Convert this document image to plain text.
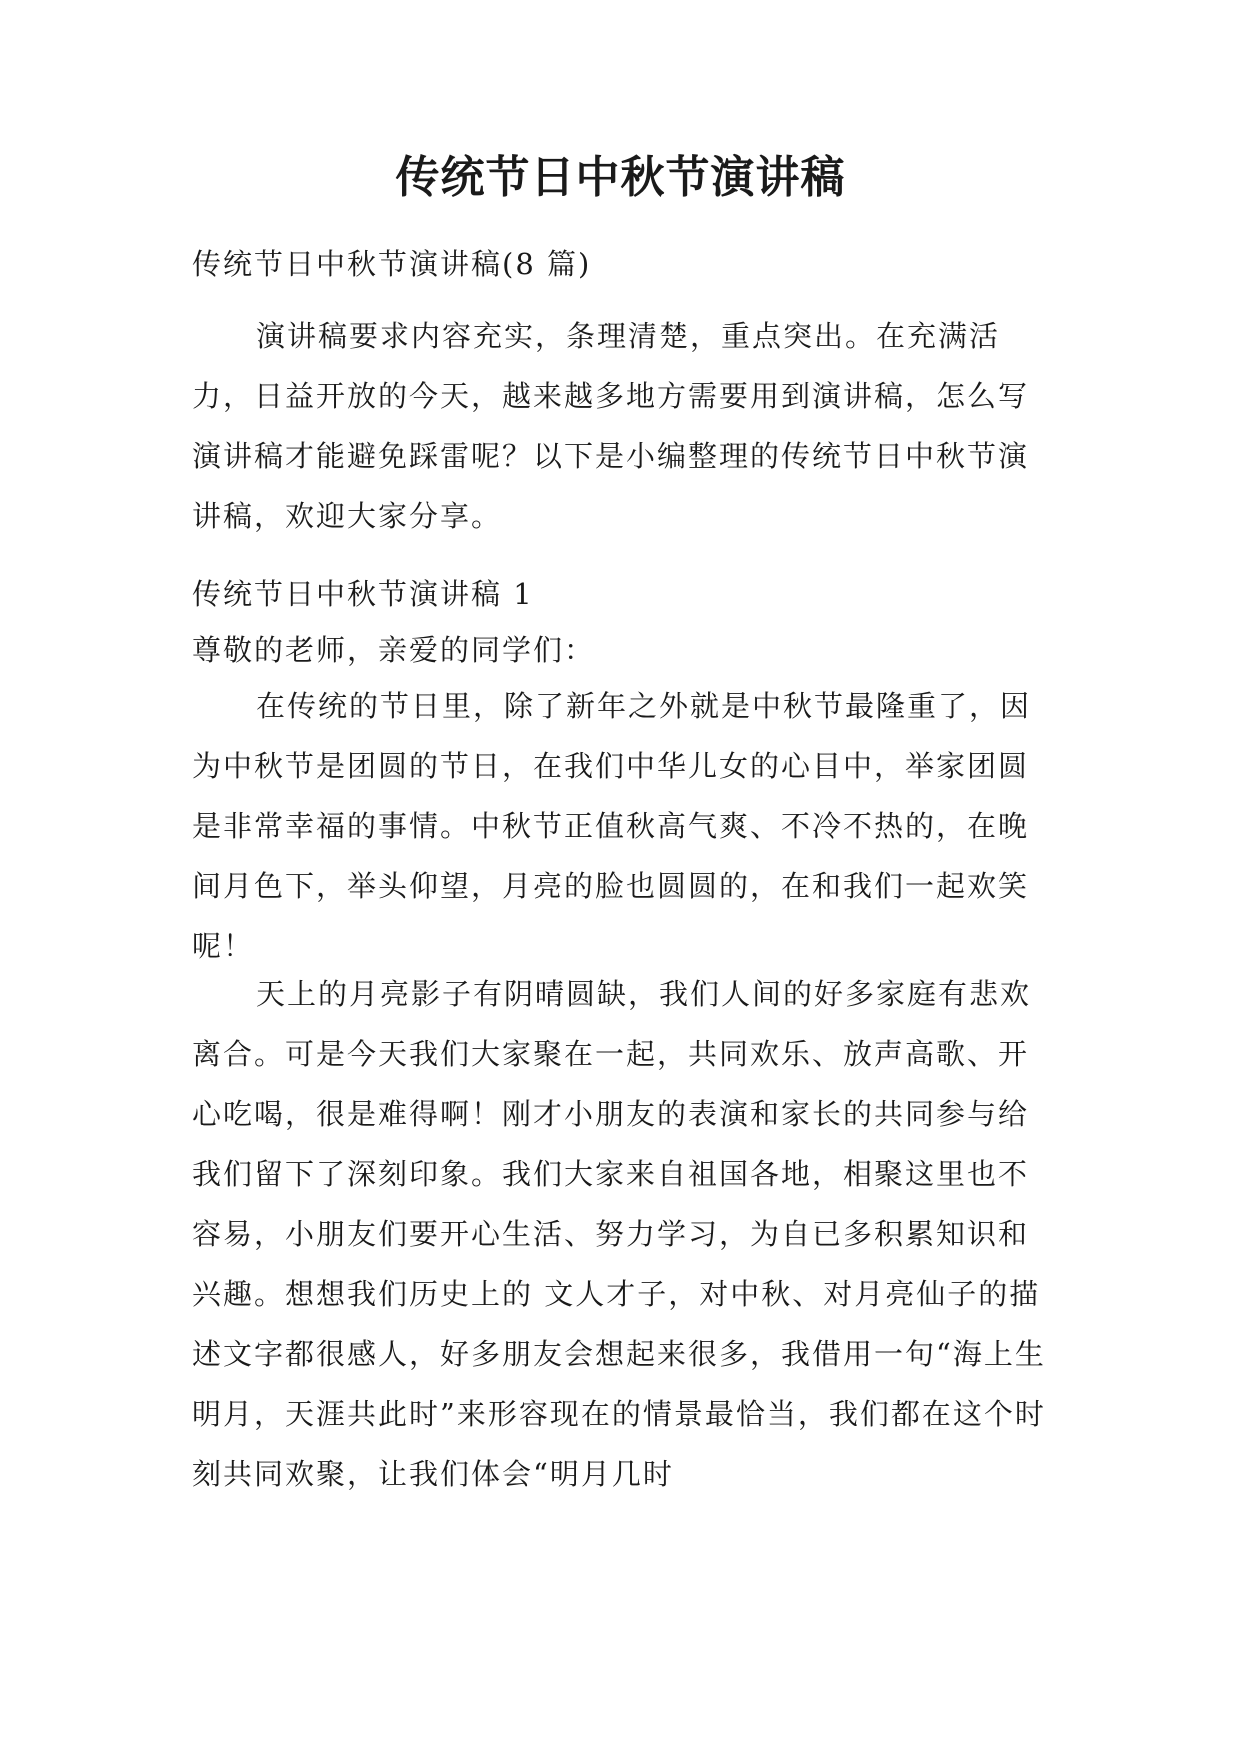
传统节日中秋节演讲稿

传统节日中秋节演讲稿(8 篇)

演讲稿要求内容充实，条理清楚，重点突出。在充满活力，日益开放的今天，越来越多地方需要用到演讲稿，怎么写演讲稿才能避免踩雷呢？以下是小编整理的传统节日中秋节演讲稿，欢迎大家分享。

传统节日中秋节演讲稿 1

尊敬的老师，亲爱的同学们：

在传统的节日里，除了新年之外就是中秋节最隆重了，因为中秋节是团圆的节日，在我们中华儿女的心目中，举家团圆是非常幸福的事情。中秋节正值秋高气爽、不冷不热的，在晚间月色下，举头仰望，月亮的脸也圆圆的，在和我们一起欢笑呢！

天上的月亮影子有阴晴圆缺，我们人间的好多家庭有悲欢离合。可是今天我们大家聚在一起，共同欢乐、放声高歌、开心吃喝，很是难得啊！刚才小朋友的表演和家长的共同参与给我们留下了深刻印象。我们大家来自祖国各地，相聚这里也不容易，小朋友们要开心生活、努力学习，为自已多积累知识和兴趣。想想我们历史上的 文人才子，对中秋、对月亮仙子的描述文字都很感人，好多朋友会想起来很多，我借用一句“海上生明月，天涯共此时”来形容现在的情景最恰当，我们都在这个时刻共同欢聚，让我们体会“明月几时
